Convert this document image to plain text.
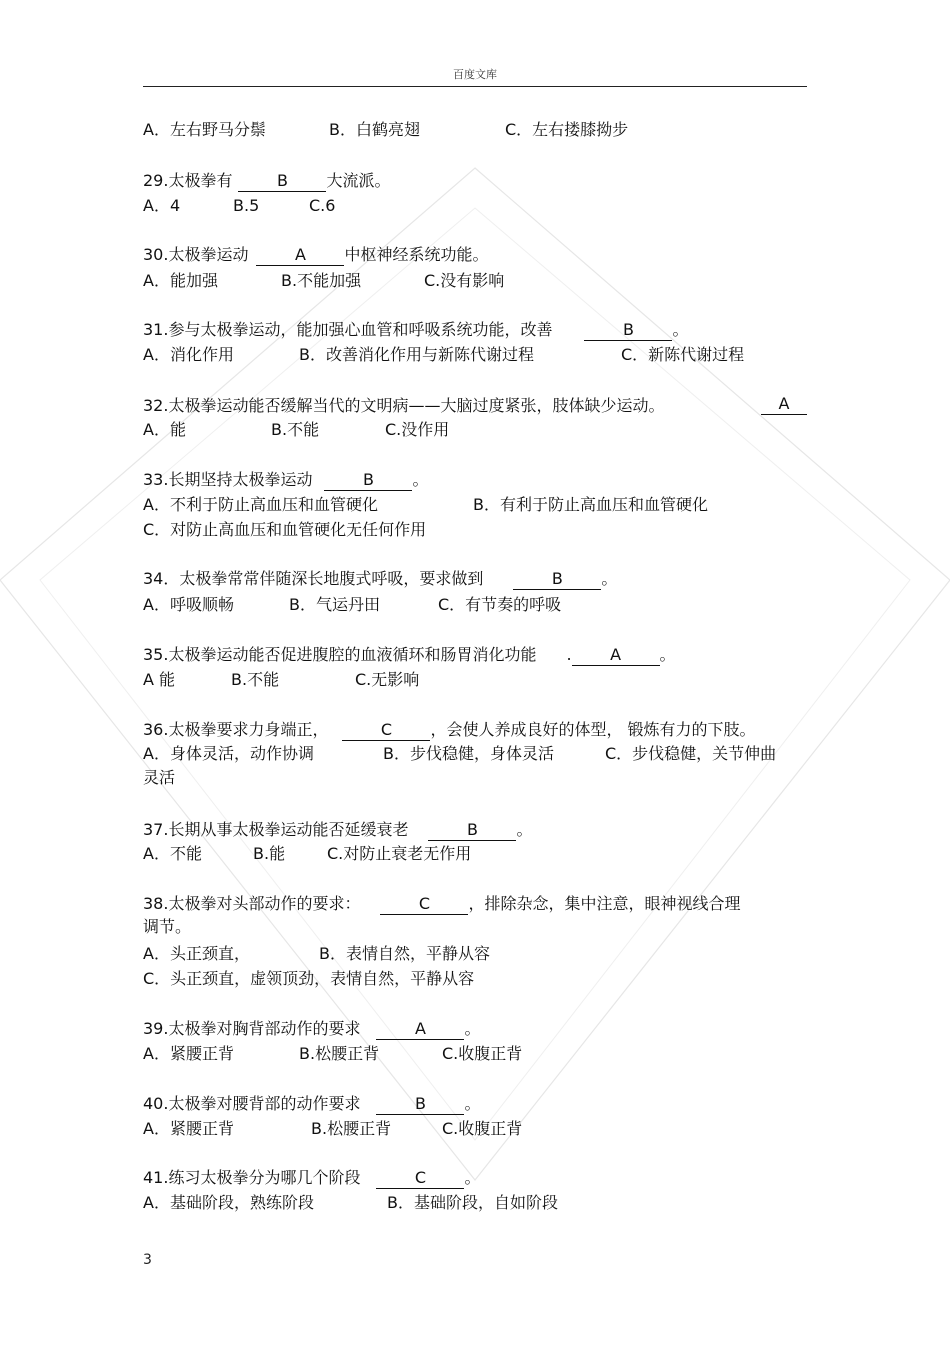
百度文库
A．左右野马分鬃	B．白鹤亮翅	C．左右搂膝拗步
29.太极拳有	B 大流派。
A．4	B.5	C.6
30.太极拳运动	A 中枢神经系统功能。
A．能加强	B.不能加强	C.没有影响
31.参与太极拳运动，能加强心血管和呼吸系统功能，改善	B 。
A．消化作用	B．改善消化作用与新陈代谢过程	C．新陈代谢过程
32.太极拳运动能否缓解当代的文明病——大脑过度紧张，肢体缺少运动。	A
A．能	B.不能	C.没作用
33.长期坚持太极拳运动	B 。
A．不利于防止高血压和血管硬化	B．有利于防止高血压和血管硬化
C．对防止高血压和血管硬化无任何作用
34．太极拳常常伴随深长地腹式呼吸，要求做到	B 。
A．呼吸顺畅	B．气运丹田	C．有节奏的呼吸
35.太极拳运动能否促进腹腔的血液循环和肠胃消化功能 . A 。
A 能	B.不能	C.无影响
36.太极拳要求力身端正，	C ，会使人养成良好的体型， 锻炼有力的下肢。
A．身体灵活，动作协调	B．步伐稳健，身体灵活	C．步伐稳健，关节伸曲
灵活
37.长期从事太极拳运动能否延缓衰老	B 。
A．不能	B.能	C.对防止衰老无作用
38.太极拳对头部动作的要求：	C ，排除杂念，集中注意，眼神视线合理
调节。
A．头正颈直，	B．表情自然，平静从容
C．头正颈直，虚领顶劲，表情自然，平静从容
39.太极拳对胸背部动作的要求	A 。
A．紧腰正背	B.松腰正背	C.收腹正背
40.太极拳对腰背部的动作要求	B 。
A．紧腰正背	B.松腰正背	C.收腹正背
41.练习太极拳分为哪几个阶段	C 。
A．基础阶段，熟练阶段	B．基础阶段，自如阶段
3
